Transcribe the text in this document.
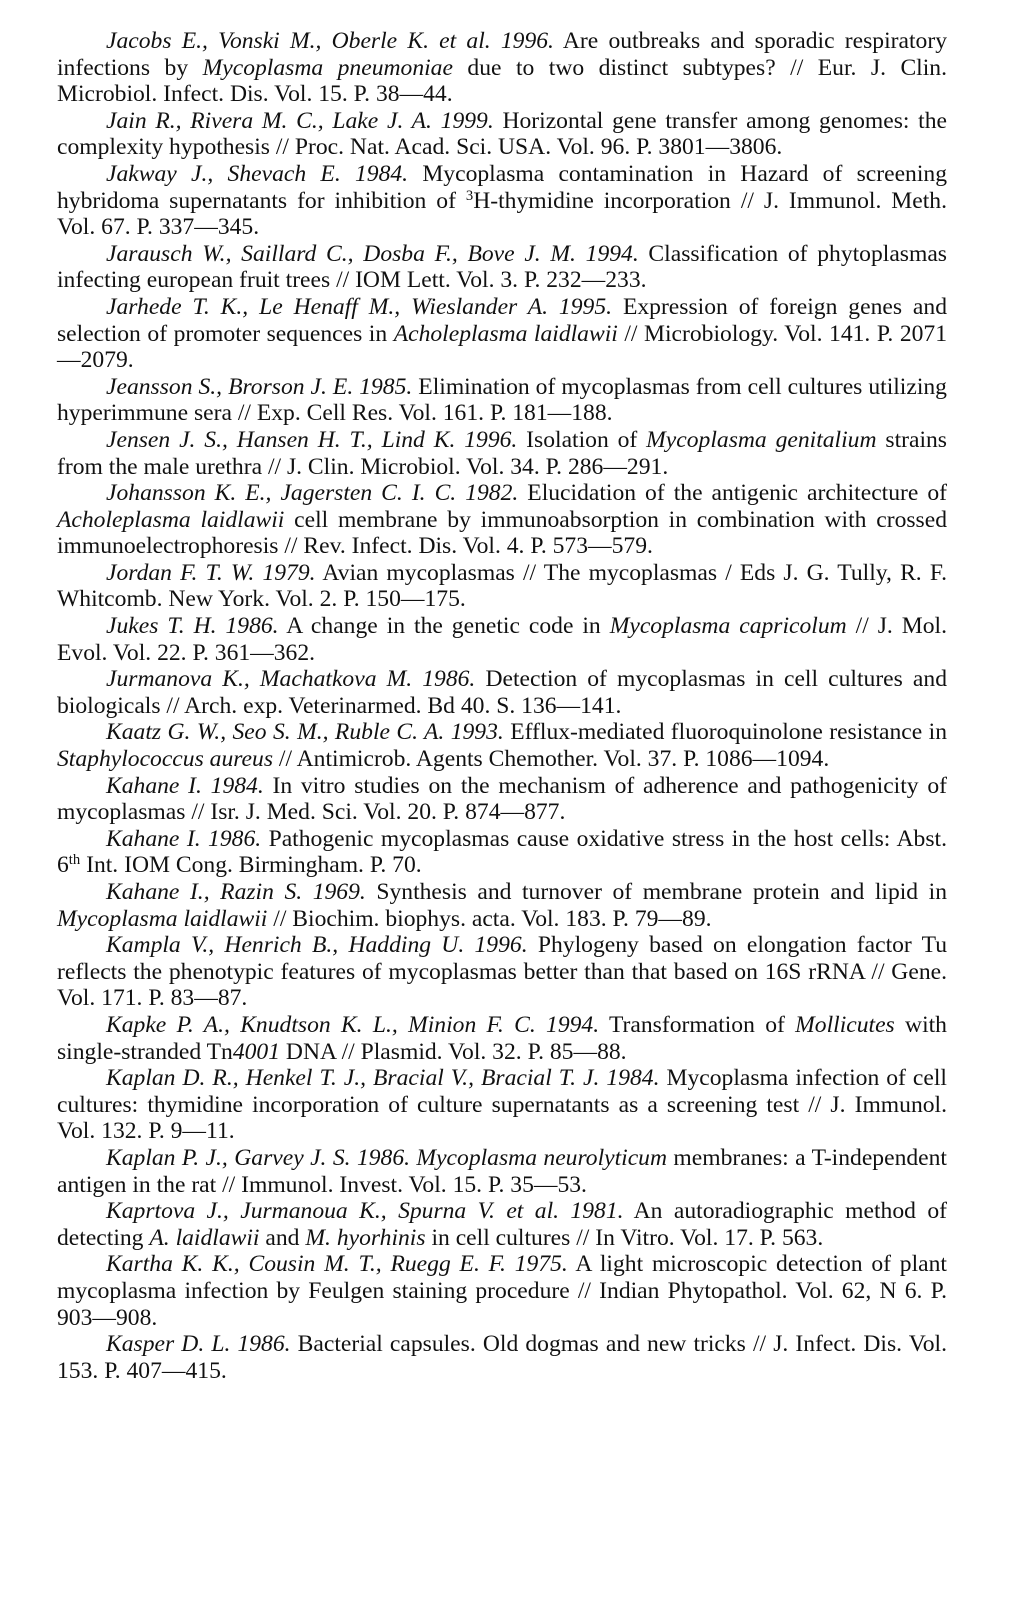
Jacobs E., Vonski M., Oberle K. et al. 1996. Are outbreaks and sporadic respiratory infections by Mycoplasma pneumoniae due to two distinct subtypes? // Eur. J. Clin. Microbiol. Infect. Dis. Vol. 15. P. 38—44.

Jain R., Rivera M. C., Lake J. A. 1999. Horizontal gene transfer among genomes: the complexity hypothesis // Proc. Nat. Acad. Sci. USA. Vol. 96. P. 3801—3806.

Jakway J., Shevach E. 1984. Mycoplasma contamination in Hazard of screening hybridoma supernatants for inhibition of $^3$H-thymidine incorporation // J. Immunol. Meth. Vol. 67. P. 337—345.

Jarausch W., Saillard C., Dosba F., Bove J. M. 1994. Classification of phytoplasmas infecting european fruit trees // IOM Lett. Vol. 3. P. 232—233.

Jarhede T. K., Le Henaff M., Wieslander A. 1995. Expression of foreign genes and selection of promoter sequences in Acholeplasma laidlawii // Microbiology. Vol. 141. P. 2071—2079.

Jeansson S., Brorson J. E. 1985. Elimination of mycoplasmas from cell cultures utilizing hyperimmune sera // Exp. Cell Res. Vol. 161. P. 181—188.

Jensen J. S., Hansen H. T., Lind K. 1996. Isolation of Mycoplasma genitalium strains from the male urethra // J. Clin. Microbiol. Vol. 34. P. 286—291.

Johansson K. E., Jagersten C. I. C. 1982. Elucidation of the antigenic architecture of Acholeplasma laidlawii cell membrane by immunoabsorption in combination with crossed immunoelectrophoresis // Rev. Infect. Dis. Vol. 4. P. 573—579.

Jordan F. T. W. 1979. Avian mycoplasmas // The mycoplasmas / Eds J. G. Tully, R. F. Whitcomb. New York. Vol. 2. P. 150—175.

Jukes T. H. 1986. A change in the genetic code in Mycoplasma capricolum // J. Mol. Evol. Vol. 22. P. 361—362.

Jurmanova K., Machatkova M. 1986. Detection of mycoplasmas in cell cultures and biologicals // Arch. exp. Veterinarmed. Bd 40. S. 136—141.

Kaatz G. W., Seo S. M., Ruble C. A. 1993. Efflux-mediated fluoroquinolone resistance in Staphylococcus aureus // Antimicrob. Agents Chemother. Vol. 37. P. 1086—1094.

Kahane I. 1984. In vitro studies on the mechanism of adherence and pathogenicity of mycoplasmas // Isr. J. Med. Sci. Vol. 20. P. 874—877.

Kahane I. 1986. Pathogenic mycoplasmas cause oxidative stress in the host cells: Abst. 6th Int. IOM Cong. Birmingham. P. 70.

Kahane I., Razin S. 1969. Synthesis and turnover of membrane protein and lipid in Mycoplasma laidlawii // Biochim. biophys. acta. Vol. 183. P. 79—89.

Kampla V., Henrich B., Hadding U. 1996. Phylogeny based on elongation factor Tu reflects the phenotypic features of mycoplasmas better than that based on 16S rRNA // Gene. Vol. 171. P. 83—87.

Kapke P. A., Knudtson K. L., Minion F. C. 1994. Transformation of Mollicutes with single-stranded Tn4001 DNA // Plasmid. Vol. 32. P. 85—88.

Kaplan D. R., Henkel T. J., Bracial V., Bracial T. J. 1984. Mycoplasma infection of cell cultures: thymidine incorporation of culture supernatants as a screening test // J. Immunol. Vol. 132. P. 9—11.

Kaplan P. J., Garvey J. S. 1986. Mycoplasma neurolyticum membranes: a T-independent antigen in the rat // Immunol. Invest. Vol. 15. P. 35—53.

Kaprtova J., Jurmanoua K., Spurna V. et al. 1981. An autoradiographic method of detecting A. laidlawii and M. hyorhinis in cell cultures // In Vitro. Vol. 17. P. 563.

Kartha K. K., Cousin M. T., Ruegg E. F. 1975. A light microscopic detection of plant mycoplasma infection by Feulgen staining procedure // Indian Phytopathol. Vol. 62, N 6. P. 903—908.

Kasper D. L. 1986. Bacterial capsules. Old dogmas and new tricks // J. Infect. Dis. Vol. 153. P. 407—415.
